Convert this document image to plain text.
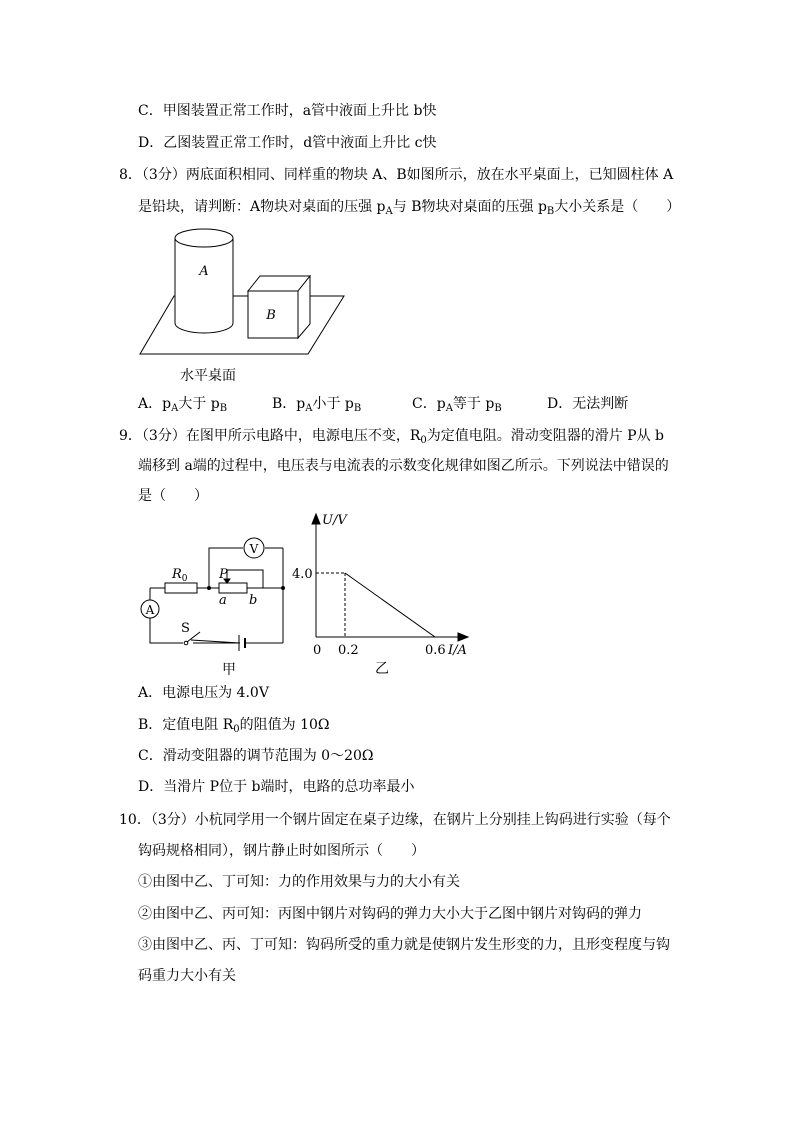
C．甲图装置正常工作时，a管中液面上升比 b快
D．乙图装置正常工作时，d管中液面上升比 c快
8．（3分）两底面积相同、同样重的物块 A、B如图所示，放在水平桌面上，已知圆柱体 A
是铅块，请判断：A物块对桌面的压强 $p_A$与 B物块对桌面的压强 $p_B$大小关系是（　　）
A
B
水平桌面
A．$p_A$大于 $p_B$	B．$p_A$小于 $p_B$	C．$p_A$等于 $p_B$	D．无法判断
9．（3分）在图甲所示电路中，电源电压不变，$R_0$为定值电阻。滑动变阻器的滑片 P从 b
端移到 a端的过程中，电压表与电流表的示数变化规律如图乙所示。下列说法中错误的
是（　　）
$R_0$ P
a b
V
A
S
甲
U/V
4.0
0 0.2	0.6 I/A
乙
A．电源电压为 4.0V
B．定值电阻 $R_0$的阻值为 10Ω
C．滑动变阻器的调节范围为 0～20Ω
D．当滑片 P位于 b端时，电路的总功率最小
10．（3分）小杭同学用一个钢片固定在桌子边缘，在钢片上分别挂上钩码进行实验（每个
钩码规格相同），钢片静止时如图所示（　　）
①由图中乙、丁可知：力的作用效果与力的大小有关
②由图中乙、丙可知：丙图中钢片对钩码的弹力大小大于乙图中钢片对钩码的弹力
③由图中乙、丙、丁可知：钩码所受的重力就是使钢片发生形变的力，且形变程度与钩
码重力大小有关
